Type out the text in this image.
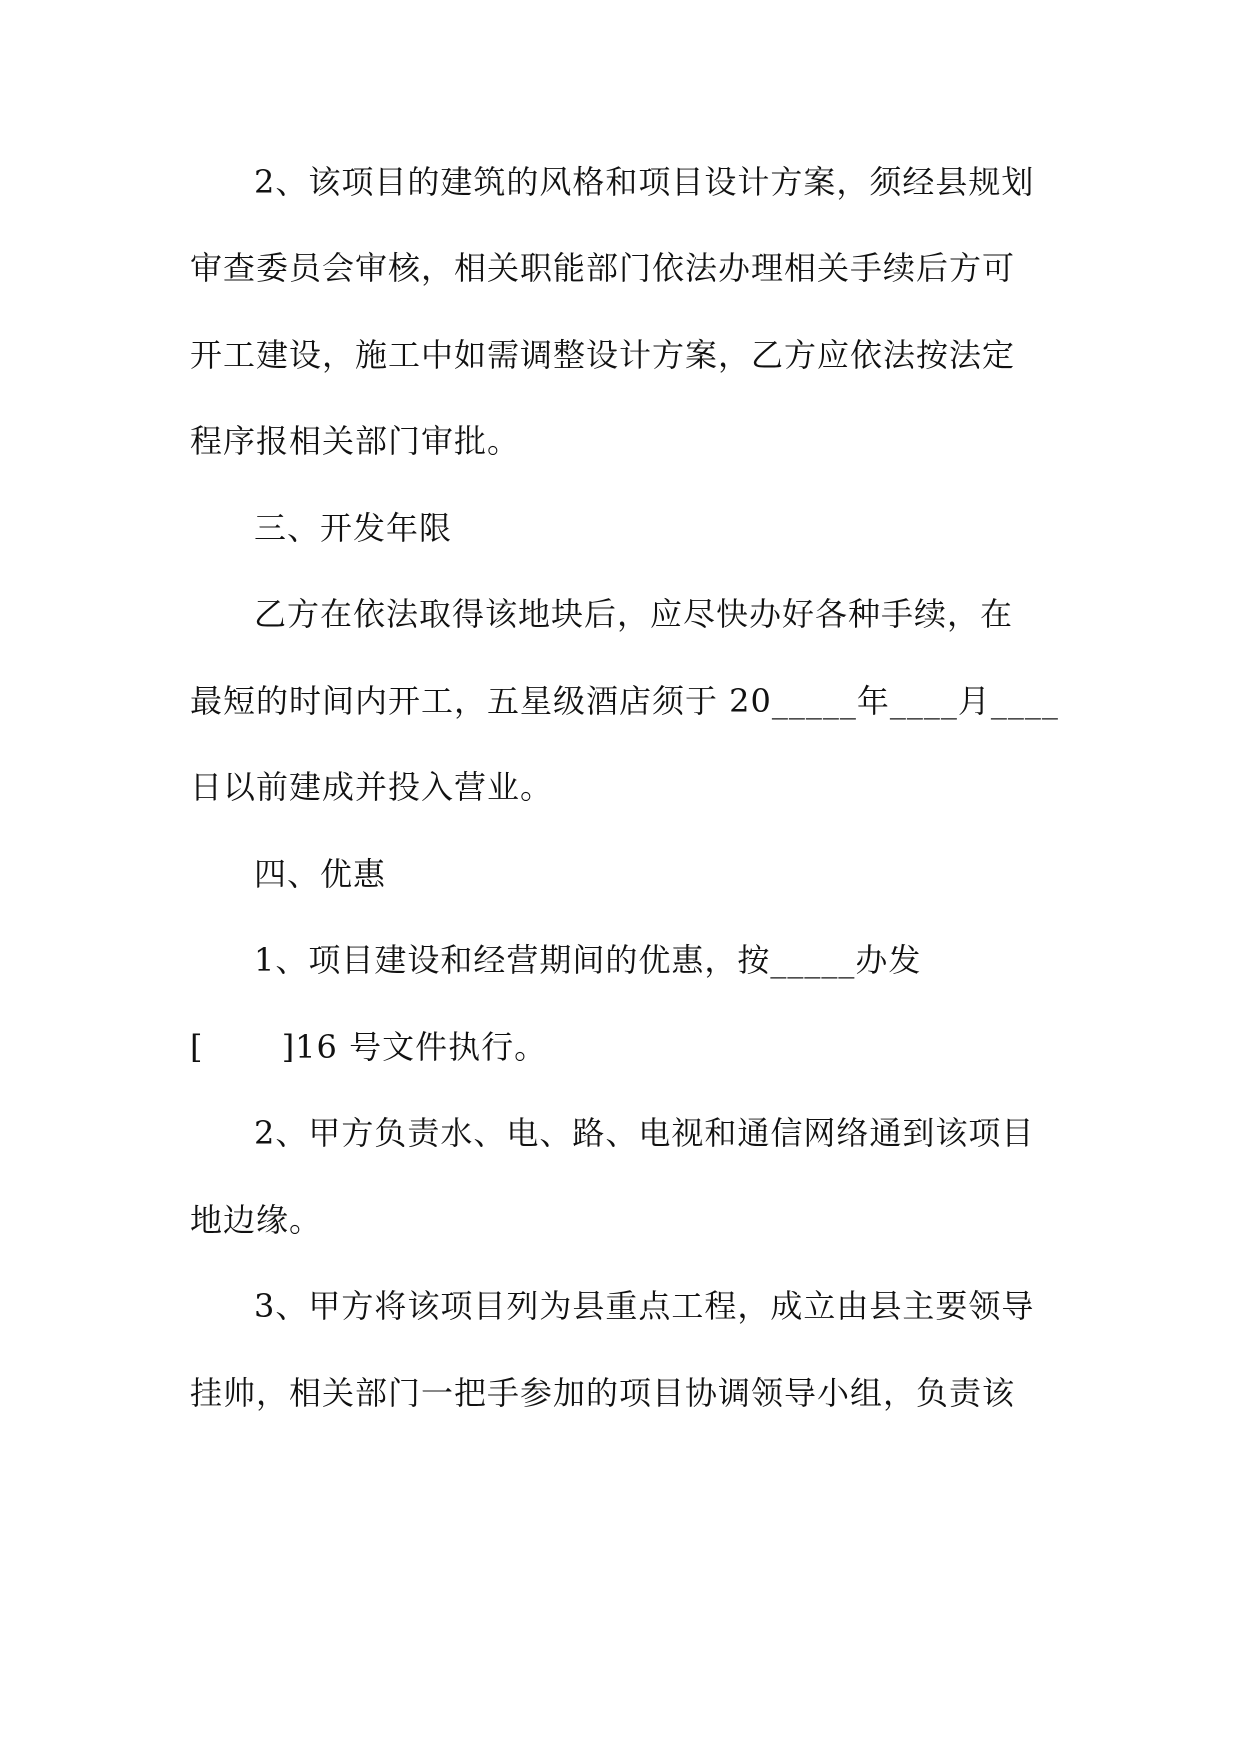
2、该项目的建筑的风格和项目设计方案，须经县规划

审查委员会审核，相关职能部门依法办理相关手续后方可

开工建设，施工中如需调整设计方案，乙方应依法按法定

程序报相关部门审批。

三、开发年限

乙方在依法取得该地块后，应尽快办好各种手续，在

最短的时间内开工，五星级酒店须于 20_____年____月____

日以前建成并投入营业。

四、优惠

1、项目建设和经营期间的优惠，按_____办发

[       ]16 号文件执行。

2、甲方负责水、电、路、电视和通信网络通到该项目

地边缘。

3、甲方将该项目列为县重点工程，成立由县主要领导

挂帅，相关部门一把手参加的项目协调领导小组，负责该
